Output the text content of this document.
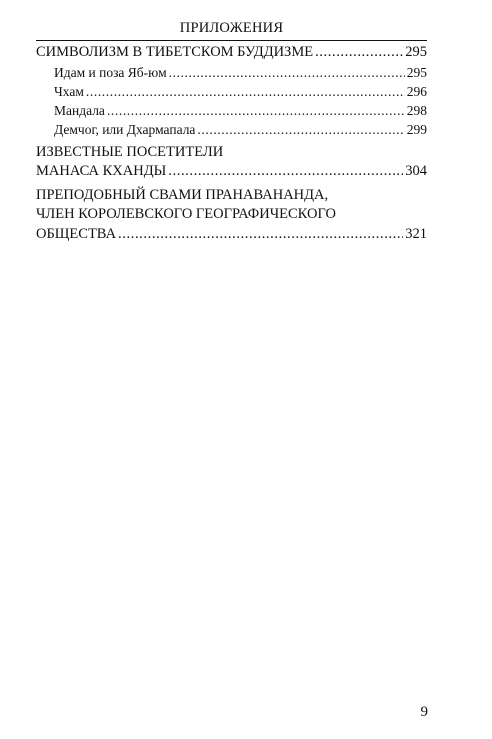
ПРИЛОЖЕНИЯ
СИМВОЛИЗМ В ТИБЕТСКОМ БУДДИЗМЕ .....	295
Идам и поза Яб-юм .....	295
Чхам .....	296
Мандала .....	298
Демчог, или Дхармапала .....	299
ИЗВЕСТНЫЕ ПОСЕТИТЕЛИ
МАНАСА КХАНДЫ .....	304
ПРЕПОДОБНЫЙ СВАМИ ПРАНАВАНАНДА,
ЧЛЕН КОРОЛЕВСКОГО ГЕОГРАФИЧЕСКОГО
ОБЩЕСТВА .....	321
9
